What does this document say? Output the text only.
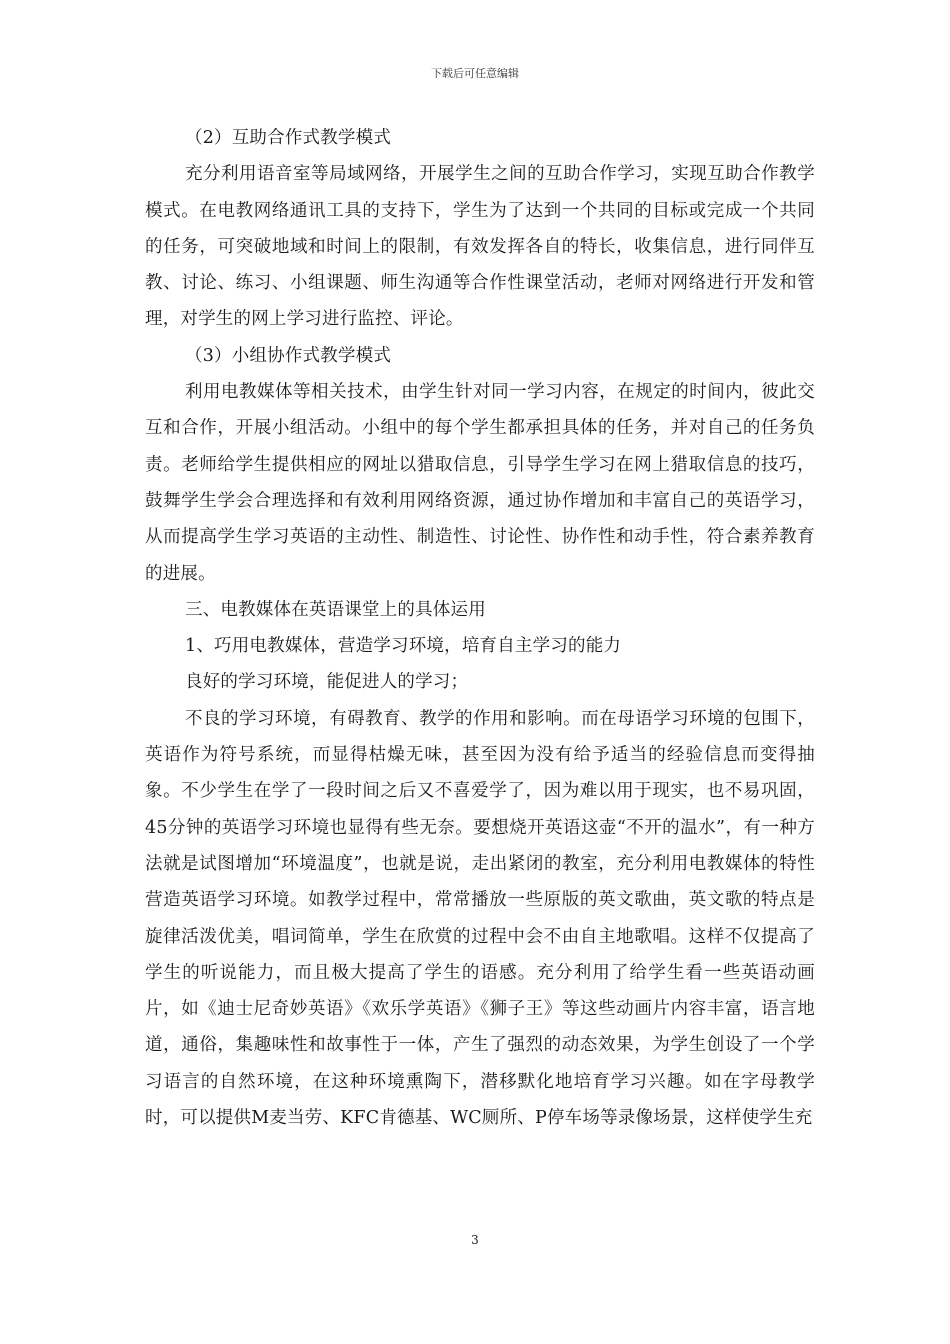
下载后可任意编辑

（2）互助合作式教学模式

充分利用语音室等局域网络，开展学生之间的互助合作学习，实现互助合作教学模式。在电教网络通讯工具的支持下，学生为了达到一个共同的目标或完成一个共同的任务，可突破地域和时间上的限制，有效发挥各自的特长，收集信息，进行同伴互教、讨论、练习、小组课题、师生沟通等合作性课堂活动，老师对网络进行开发和管理，对学生的网上学习进行监控、评论。

（3）小组协作式教学模式

利用电教媒体等相关技术，由学生针对同一学习内容，在规定的时间内，彼此交互和合作，开展小组活动。小组中的每个学生都承担具体的任务，并对自己的任务负责。老师给学生提供相应的网址以猎取信息，引导学生学习在网上猎取信息的技巧，鼓舞学生学会合理选择和有效利用网络资源，通过协作增加和丰富自己的英语学习，从而提高学生学习英语的主动性、制造性、讨论性、协作性和动手性，符合素养教育的进展。

三、电教媒体在英语课堂上的具体运用

1、巧用电教媒体，营造学习环境，培育自主学习的能力

良好的学习环境，能促进人的学习；

不良的学习环境，有碍教育、教学的作用和影响。而在母语学习环境的包围下，英语作为符号系统，而显得枯燥无味，甚至因为没有给予适当的经验信息而变得抽象。不少学生在学了一段时间之后又不喜爱学了，因为难以用于现实，也不易巩固，45分钟的英语学习环境也显得有些无奈。要想烧开英语这壶“不开的温水”，有一种方法就是试图增加“环境温度”，也就是说，走出紧闭的教室，充分利用电教媒体的特性营造英语学习环境。如教学过程中，常常播放一些原版的英文歌曲，英文歌的特点是旋律活泼优美，唱词简单，学生在欣赏的过程中会不由自主地歌唱。这样不仅提高了学生的听说能力，而且极大提高了学生的语感。充分利用了给学生看一些英语动画片，如《迪士尼奇妙英语》《欢乐学英语》《狮子王》等这些动画片内容丰富，语言地道，通俗，集趣味性和故事性于一体，产生了强烈的动态效果，为学生创设了一个学习语言的自然环境，在这种环境熏陶下，潜移默化地培育学习兴趣。如在字母教学时，可以提供M麦当劳、KFC肯德基、WC厕所、P停车场等录像场景，这样使学生充

3
